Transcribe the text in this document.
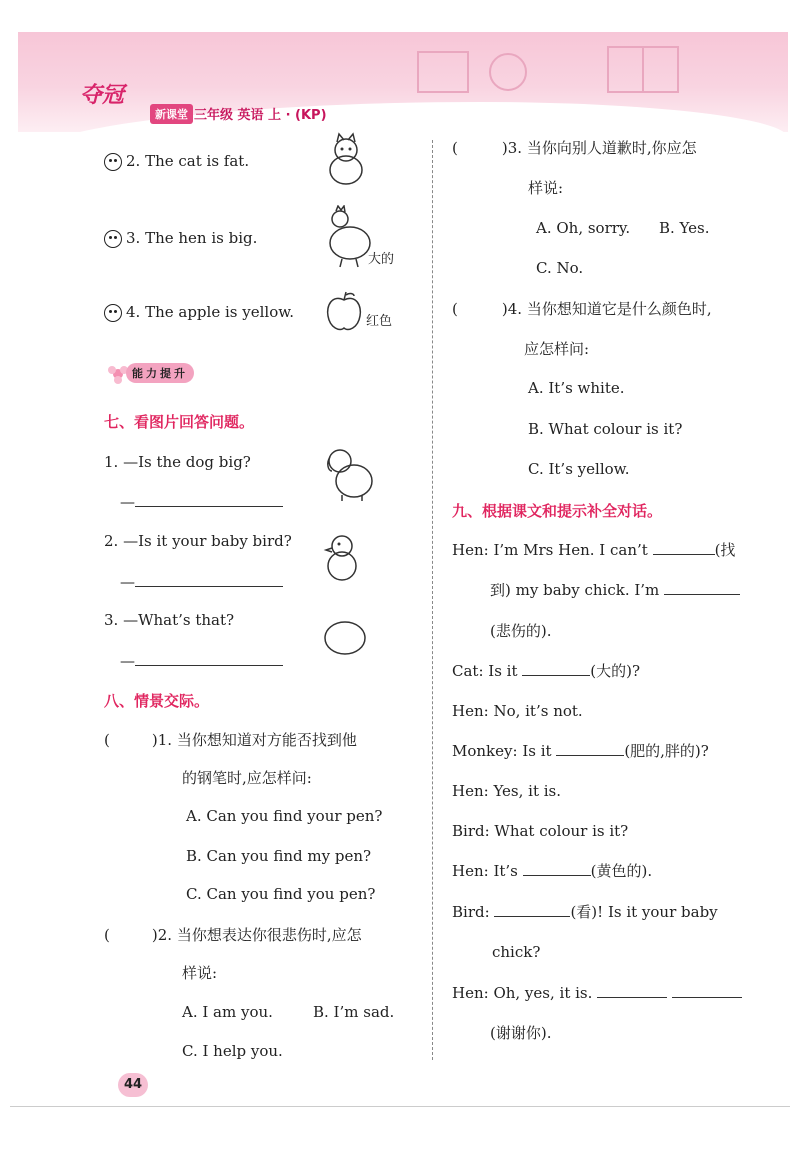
夺冠
新课堂 三年级 英语 上 · (KP)
2. The cat is fat.
3. The hen is big.
大的
4. The apple is yellow.
红色
能力提升
七、看图片回答问题。
1. —Is the dog big?
—
2. —Is it your baby bird?
—
3. —What’s that?
—
八、情景交际。
(	)1. 当你想知道对方能否找到他
的钢笔时,应怎样问:
A. Can you find your pen?
B. Can you find my pen?
C. Can you find you pen?
(	)2. 当你想表达你很悲伤时,应怎
样说:
A. I am you.	B. I’m sad.
C. I help you.
(	)3. 当你向别人道歉时,你应怎
样说:
A. Oh, sorry. B. Yes.
C. No.
(	)4. 当你想知道它是什么颜色时,
应怎样问:
A. It’s white.
B. What colour is it?
C. It’s yellow.
九、根据课文和提示补全对话。
Hen: I’m Mrs Hen. I can’t	(找
到) my baby chick. I’m
(悲伤的).
Cat: Is it	(大的)?
Hen: No, it’s not.
Monkey: Is it	(肥的,胖的)?
Hen: Yes, it is.
Bird: What colour is it?
Hen: It’s	(黄色的).
Bird:	(看)! Is it your baby
chick?
Hen: Oh, yes, it is.
(谢谢你).
44
